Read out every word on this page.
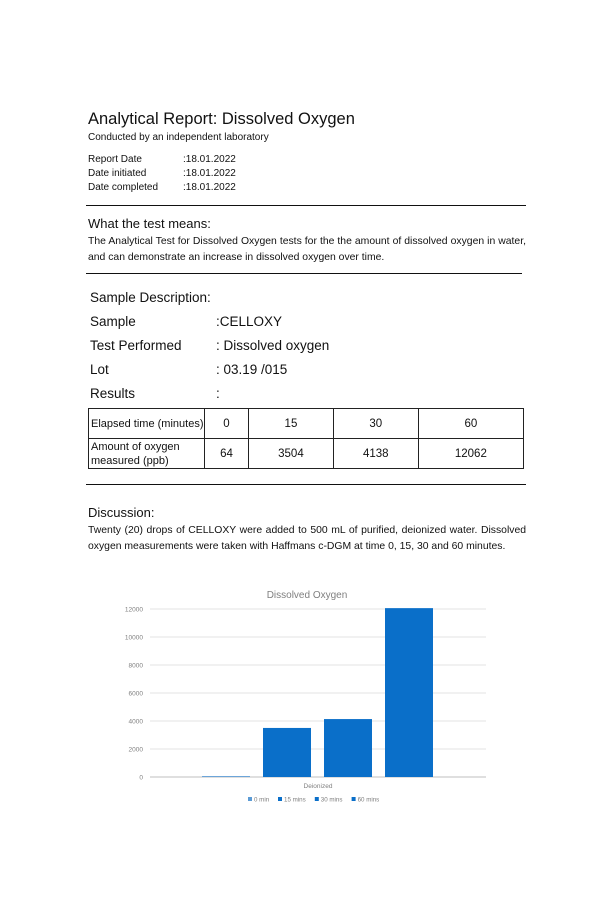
Analytical Report: Dissolved Oxygen
Conducted by an independent laboratory
Report Date	:18.01.2022
Date initiated	:18.01.2022
Date completed :18.01.2022
What the test means:
The Analytical Test for Dissolved Oxygen tests for the the amount of dissolved oxygen in water, and can demonstrate an increase in dissolved oxygen over time.
Sample Description:
Sample	:CELLOXY
Test Performed	: Dissolved oxygen
Lot	: 03.19 /015
Results	:
Elapsed time (minutes)	0	15	30	60
Amount of oxygen measured (ppb)	64	3504	4138	12062
Discussion:
Twenty (20) drops of CELLOXY were added to 500 mL of purified, deionized water. Dissolved oxygen measurements were taken with Haffmans c-DGM at time 0, 15, 30 and 60 minutes.
Dissolved Oxygen
0
2000
4000
6000
8000
10000
12000
Deionized
0 min 15 mins 30 mins 60 mins
